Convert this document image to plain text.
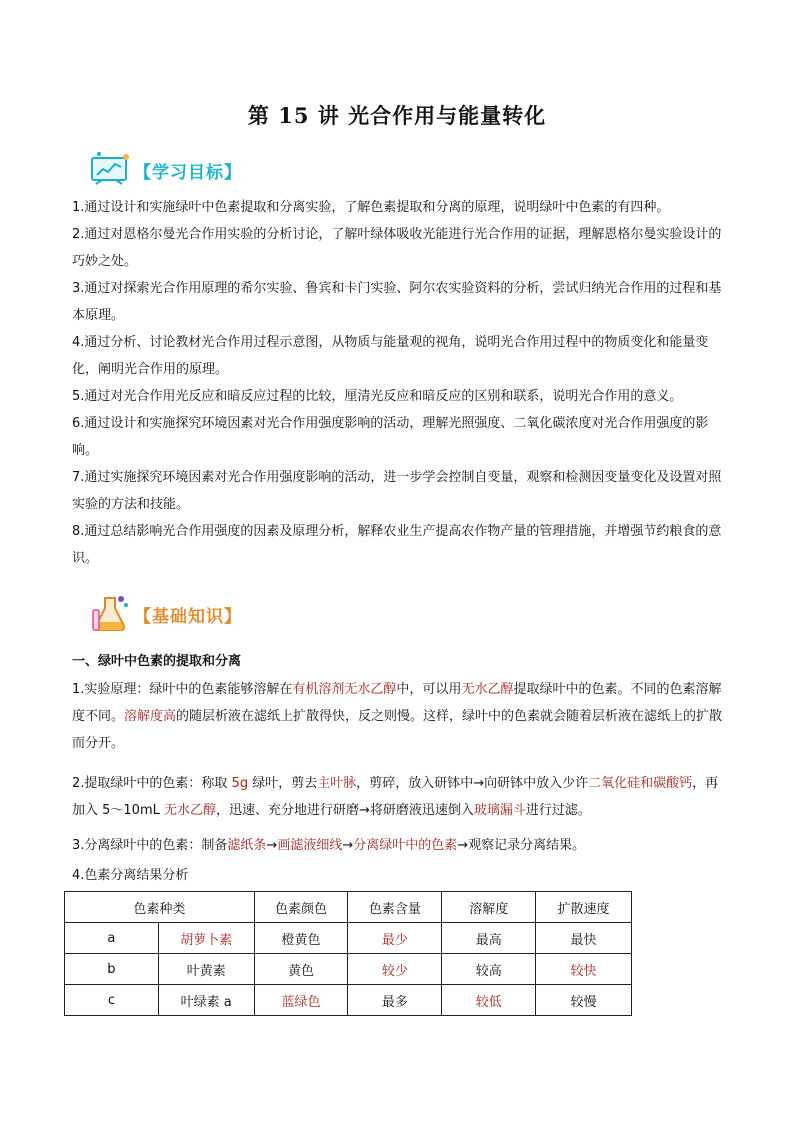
第 15 讲 光合作用与能量转化
【学习目标】

1.通过设计和实施绿叶中色素提取和分离实验，了解色素提取和分离的原理，说明绿叶中色素的有四种。

2.通过对恩格尔曼光合作用实验的分析讨论，了解叶绿体吸收光能进行光合作用的证据，理解恩格尔曼实验设计的巧妙之处。

3.通过对探索光合作用原理的希尔实验、鲁宾和卡门实验、阿尔农实验资料的分析，尝试归纳光合作用的过程和基本原理。

4.通过分析、讨论教材光合作用过程示意图，从物质与能量观的视角，说明光合作用过程中的物质变化和能量变化，阐明光合作用的原理。

5.通过对光合作用光反应和暗反应过程的比较，厘清光反应和暗反应的区别和联系，说明光合作用的意义。

6.通过设计和实施探究环境因素对光合作用强度影响的活动，理解光照强度、二氧化碳浓度对光合作用强度的影响。

7.通过实施探究环境因素对光合作用强度影响的活动，进一步学会控制自变量，观察和检测因变量变化及设置对照实验的方法和技能。

8.通过总结影响光合作用强度的因素及原理分析，解释农业生产提高农作物产量的管理措施，并增强节约粮食的意识。

【基础知识】
一、绿叶中色素的提取和分离

1.实验原理：绿叶中的色素能够溶解在有机溶剂无水乙醇中，可以用无水乙醇提取绿叶中的色素。不同的色素溶解度不同。溶解度高的随层析液在滤纸上扩散得快，反之则慢。这样，绿叶中的色素就会随着层析液在滤纸上的扩散而分开。

2.提取绿叶中的色素：称取 5g 绿叶，剪去主叶脉，剪碎，放入研钵中→向研钵中放入少许二氧化硅和碳酸钙，再加入 5～10mL 无水乙醇，迅速、充分地进行研磨→将研磨液迅速倒入玻璃漏斗进行过滤。

3.分离绿叶中的色素：制备滤纸条→画滤液细线→分离绿叶中的色素→观察记录分离结果。

4.色素分离结果分析
色素种类		色素颜色	色素含量	溶解度	扩散速度
a	胡萝卜素	橙黄色	最少	最高	最快
b	叶黄素	黄色	较少	较高	较快
c	叶绿素 a	蓝绿色	最多	较低	较慢
